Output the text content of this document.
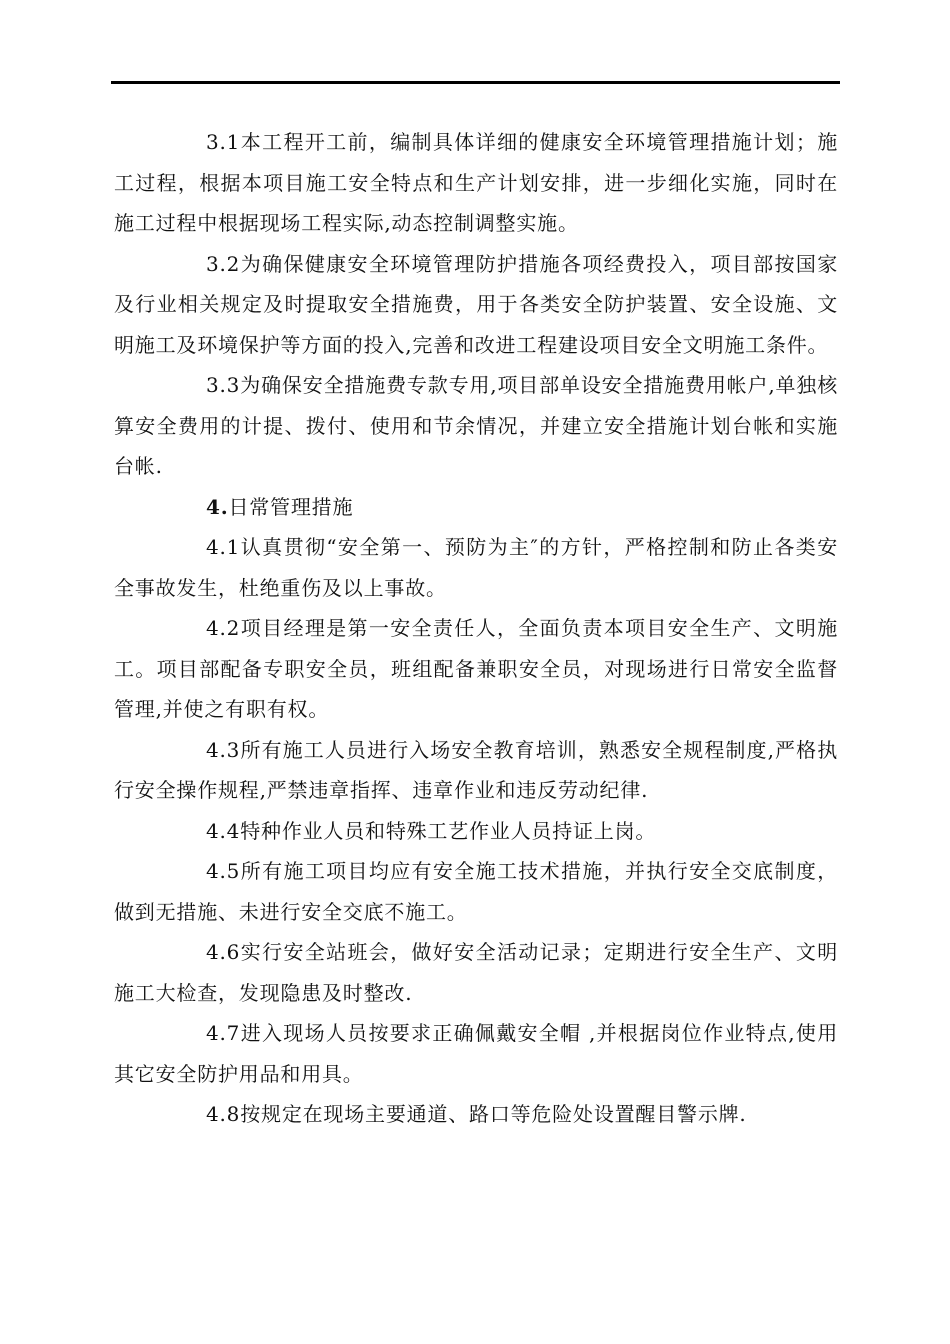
3.1本工程开工前，编制具体详细的健康安全环境管理措施计划；施工过程，根据本项目施工安全特点和生产计划安排，进一步细化实施，同时在施工过程中根据现场工程实际,动态控制调整实施。

3.2为确保健康安全环境管理防护措施各项经费投入，项目部按国家及行业相关规定及时提取安全措施费，用于各类安全防护装置、安全设施、文明施工及环境保护等方面的投入,完善和改进工程建设项目安全文明施工条件。

3.3为确保安全措施费专款专用,项目部单设安全措施费用帐户,单独核算安全费用的计提、拨付、使用和节余情况，并建立安全措施计划台帐和实施台帐.

4.日常管理措施

4.1认真贯彻“安全第一、预防为主″的方针，严格控制和防止各类安全事故发生，杜绝重伤及以上事故。

4.2项目经理是第一安全责任人，全面负责本项目安全生产、文明施工。项目部配备专职安全员，班组配备兼职安全员，对现场进行日常安全监督管理,并使之有职有权。

4.3所有施工人员进行入场安全教育培训，熟悉安全规程制度,严格执行安全操作规程,严禁违章指挥、违章作业和违反劳动纪律.

4.4特种作业人员和特殊工艺作业人员持证上岗。

4.5所有施工项目均应有安全施工技术措施，并执行安全交底制度，做到无措施、未进行安全交底不施工。

4.6实行安全站班会，做好安全活动记录；定期进行安全生产、文明施工大检查，发现隐患及时整改.

4.7进入现场人员按要求正确佩戴安全帽 ,并根据岗位作业特点,使用其它安全防护用品和用具。

4.8按规定在现场主要通道、路口等危险处设置醒目警示牌.
